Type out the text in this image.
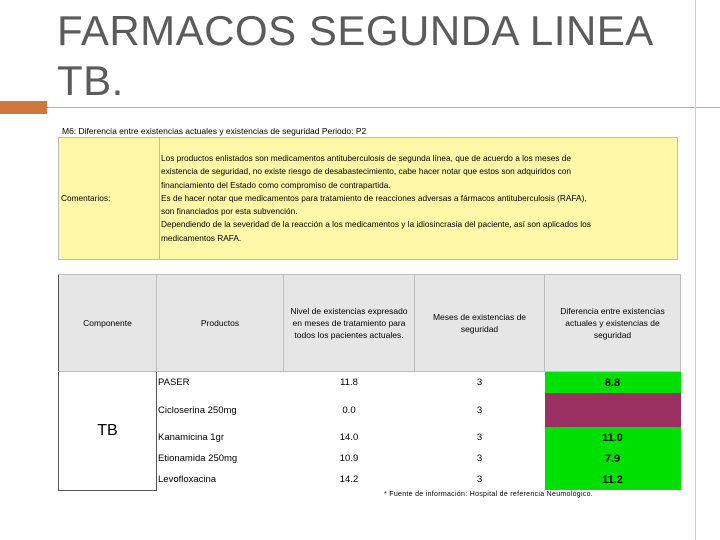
FARMACOS SEGUNDA LINEA TB.
M6: Diferencia entre existencias actuales y existencias de seguridad Periodo: P2
Comentarios:	
Los productos enlistados son medicamentos antituberculosis de segunda línea, que de acuerdo a los meses de
existencia de seguridad, no existe riesgo de desabastecimiento, cabe hacer notar que estos son adquiridos con
financiamiento del Estado como compromiso de contrapartida.
Es de hacer notar que medicamentos para tratamiento de reacciones adversas a fármacos antituberculosis (RAFA),
son financiados por esta subvención.
Dependiendo de la severidad de la reacción a los medicamentos y la idiosincrasia del paciente, así son aplicados los
medicamentos RAFA.
Componente	Productos	Nivel de existencias expresado en meses de tratamiento para todos los pacientes actuales.	Meses de existencias de seguridad	Diferencia entre existencias actuales y existencias de seguridad
TB	PASER	11.8	3	8.8
	Cicloserina 250mg	0.0	3	
	Kanamicina 1gr	14.0	3	11.0
	Etionamida 250mg	10.9	3	7.9
	Levofloxacina	14.2	3	11.2
* Fuente de información: Hospital de referencia Neumológico.
